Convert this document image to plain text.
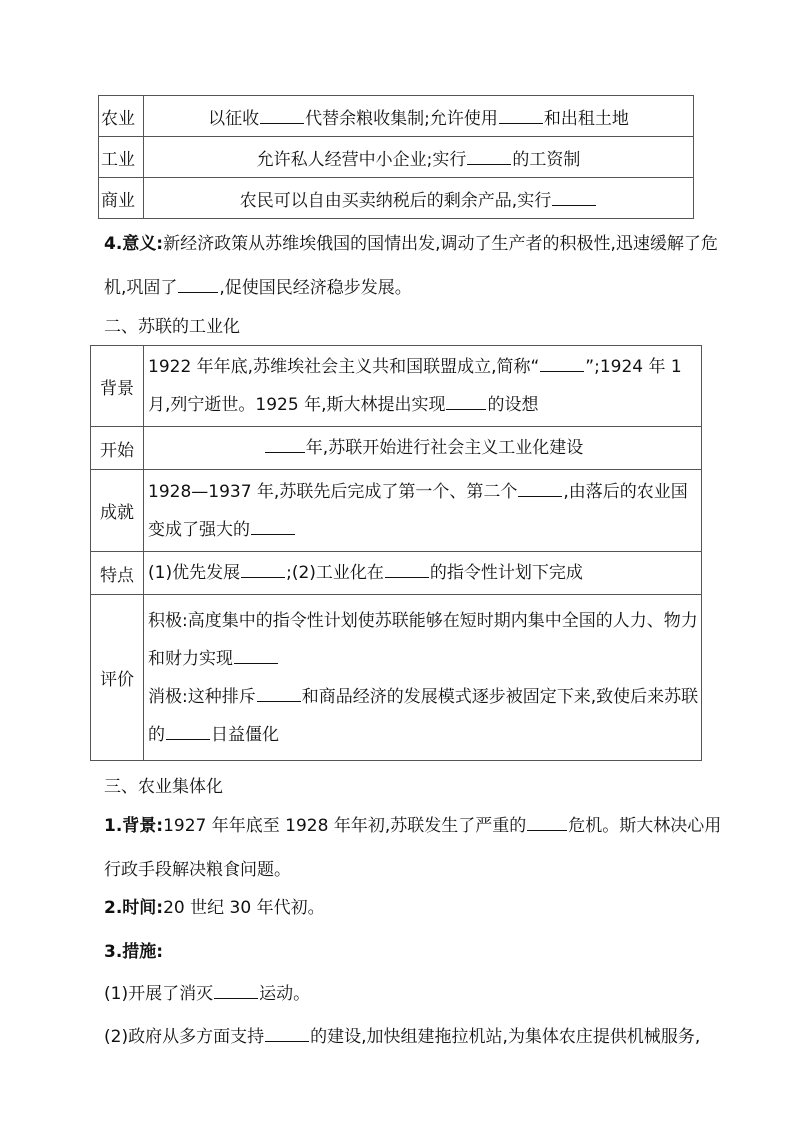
农业	以征收 代替余粮收集制;允许使用 和出租土地
工业	允许私人经营中小企业;实行 的工资制
商业	农民可以自由买卖纳税后的剩余产品,实行
4.意义:新经济政策从苏维埃俄国的国情出发,调动了生产者的积极性,迅速缓解了危机,巩固了 ,促使国民经济稳步发展。
二、苏联的工业化
背景	1922 年年底,苏维埃社会主义共和国联盟成立,简称“ ”;1924 年 1 月,列宁逝世。1925 年,斯大林提出实现 的设想
开始	年,苏联开始进行社会主义工业化建设
成就	1928—1937 年,苏联先后完成了第一个、第二个 ,由落后的农业国变成了强大的
特点	(1)优先发展 ;(2)工业化在 的指令性计划下完成
评价	积极:高度集中的指令性计划使苏联能够在短时期内集中全国的人力、物力和财力实现
消极:这种排斥 和商品经济的发展模式逐步被固定下来,致使后来苏联的 日益僵化
三、农业集体化
1.背景:1927 年年底至 1928 年年初,苏联发生了严重的 危机。斯大林决心用行政手段解决粮食问题。
2.时间:20 世纪 30 年代初。
3.措施:
(1)开展了消灭	运动。
(2)政府从多方面支持	的建设,加快组建拖拉机站,为集体农庄提供机械服务,
